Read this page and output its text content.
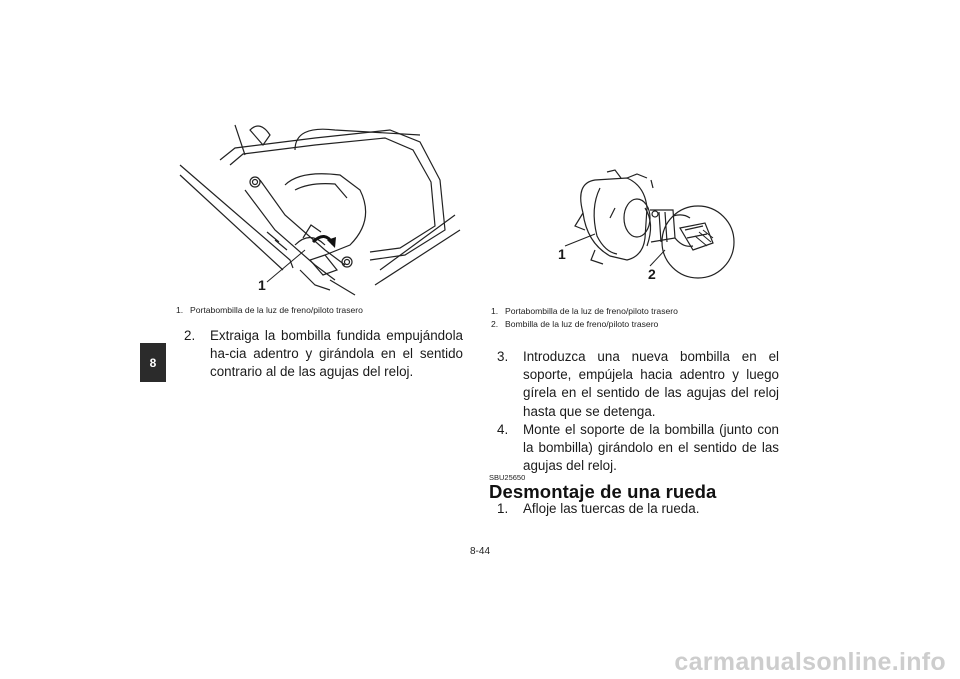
8
1
1. Portabombilla de la luz de freno/piloto trasero
2. Extraiga la bombilla fundida empujándola ha-cia adentro y girándola en el sentido contrario al de las agujas del reloj.
1
2
1. Portabombilla de la luz de freno/piloto trasero
2. Bombilla de la luz de freno/piloto trasero
3. Introduzca una nueva bombilla en el soporte, empújela hacia adentro y luego gírela en el sentido de las agujas del reloj hasta que se detenga.
4. Monte el soporte de la bombilla (junto con la bombilla) girándolo en el sentido de las agujas del reloj.
SBU25650
Desmontaje de una rueda
1. Afloje las tuercas de la rueda.
8-44
carmanualsonline.info
